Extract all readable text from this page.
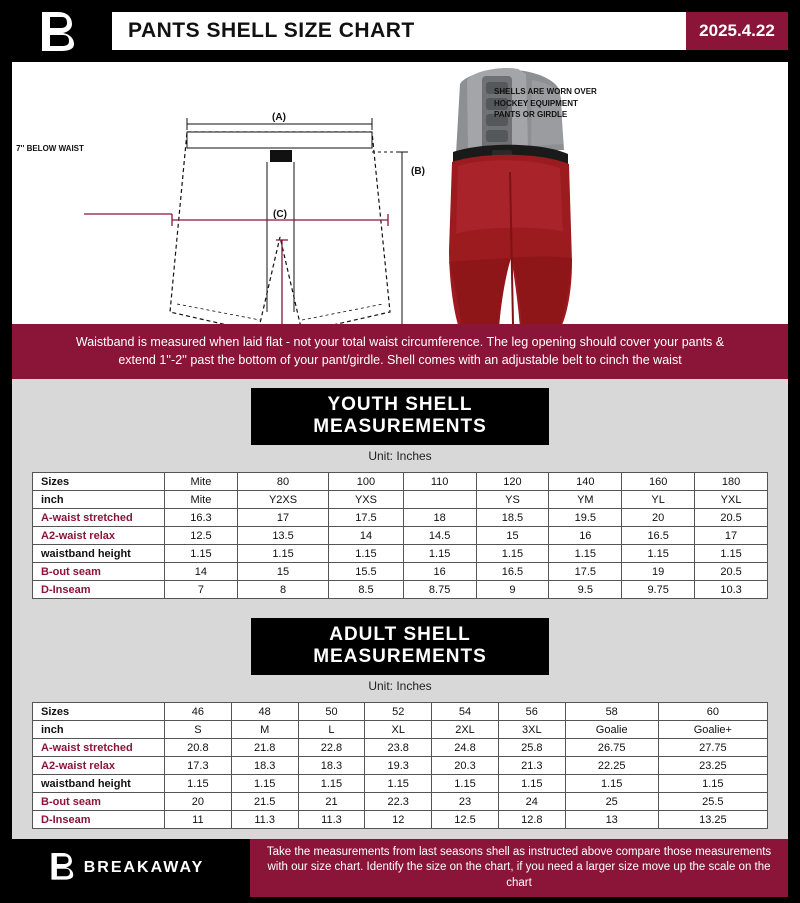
PANTS SHELL SIZE CHART	2025.4.22
(A)
(C)
(B)
SHELLS ARE WORN OVER HOCKEY EQUIPMENT PANTS OR GIRDLE
7'' BELOW WAIST
Waistband is measured when laid flat - not your total waist circumference. The leg opening should cover your pants & extend 1''-2'' past the bottom of your pant/girdle. Shell comes with an adjustable belt to cinch the waist
YOUTH SHELL MEASUREMENTS
Unit: Inches
Sizes	Mite	80	100	110	120	140	160	180
inch	Mite	Y2XS	YXS		YS	YM	YL	YXL
A-waist stretched	16.3	17	17.5	18	18.5	19.5	20	20.5
A2-waist relax	12.5	13.5	14	14.5	15	16	16.5	17
waistband height	1.15	1.15	1.15	1.15	1.15	1.15	1.15	1.15
B-out seam	14	15	15.5	16	16.5	17.5	19	20.5
D-Inseam	7	8	8.5	8.75	9	9.5	9.75	10.3
ADULT SHELL MEASUREMENTS
Unit: Inches
Sizes	46	48	50	52	54	56	58	60
inch	S	M	L	XL	2XL	3XL	Goalie	Goalie+
A-waist stretched	20.8	21.8	22.8	23.8	24.8	25.8	26.75	27.75
A2-waist relax	17.3	18.3	18.3	19.3	20.3	21.3	22.25	23.25
waistband height	1.15	1.15	1.15	1.15	1.15	1.15	1.15	1.15
B-out seam	20	21.5	21	22.3	23	24	25	25.5
D-Inseam	11	11.3	11.3	12	12.5	12.8	13	13.25
BREAKAWAY
Take the measurements from last seasons shell as instructed above compare those measurements with our size chart. Identify the size on the chart, if you need a larger size move up the scale on the chart
